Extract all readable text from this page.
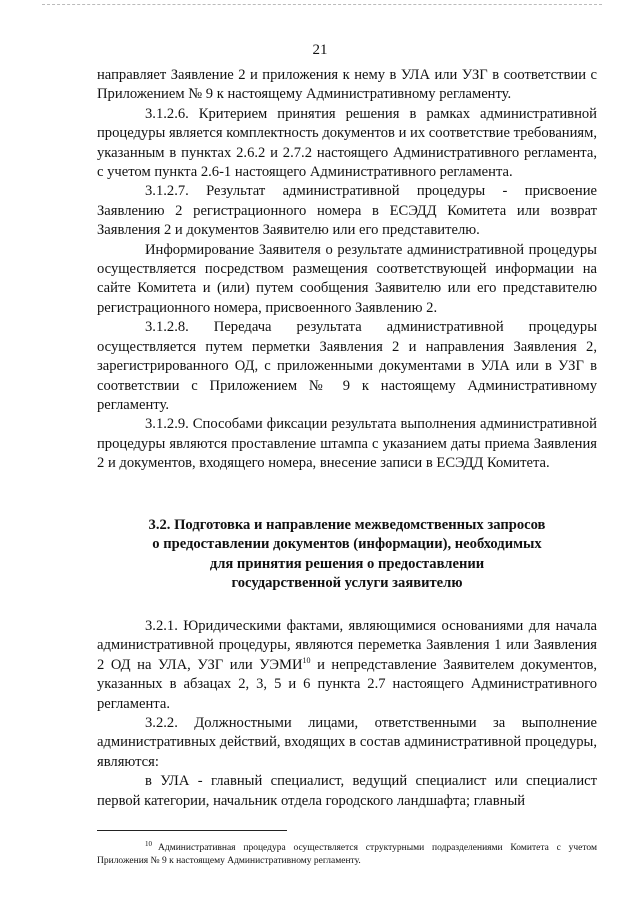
21

направляет Заявление 2 и приложения к нему в УЛА или УЗГ в соответствии с Приложением № 9 к настоящему Административному регламенту.

3.1.2.6. Критерием принятия решения в рамках административной процедуры является комплектность документов и их соответствие требованиям, указанным в пунктах 2.6.2 и 2.7.2 настоящего Административного регламента, с учетом пункта 2.6-1 настоящего Административного регламента.

3.1.2.7. Результат административной процедуры - присвоение Заявлению 2 регистрационного номера в ЕСЭДД Комитета или возврат Заявления 2 и документов Заявителю или его представителю.

Информирование Заявителя о результате административной процедуры осуществляется посредством размещения соответствующей информации на сайте Комитета и (или) путем сообщения Заявителю или его представителю регистрационного номера, присвоенного Заявлению 2.

3.1.2.8. Передача результата административной процедуры осуществляется путем перметки Заявления 2 и направления Заявления 2, зарегистрированного ОД, с приложенными документами в УЛА или в УЗГ в соответствии с Приложением № 9 к настоящему Административному регламенту.

3.1.2.9. Способами фиксации результата выполнения административной процедуры являются проставление штампа с указанием даты приема Заявления 2 и документов, входящего номера, внесение записи в ЕСЭДД Комитета.

3.2. Подготовка и направление межведомственных запросов
о предоставлении документов (информации), необходимых
для принятия решения о предоставлении
государственной услуги заявителю

3.2.1. Юридическими фактами, являющимися основаниями для начала административной процедуры, являются переметка Заявления 1 или Заявления 2 ОД на УЛА, УЗГ или УЭМИ$^{10}$ и непредставление Заявителем документов, указанных в абзацах 2, 3, 5 и 6 пункта 2.7 настоящего Административного регламента.

3.2.2. Должностными лицами, ответственными за выполнение административных действий, входящих в состав административной процедуры, являются:

в УЛА - главный специалист, ведущий специалист или специалист первой категории, начальник отдела городского ландшафта; главный

$^{10}$ Административная процедура осуществляется структурными подразделениями Комитета с учетом Приложения № 9 к настоящему Административному регламенту.
